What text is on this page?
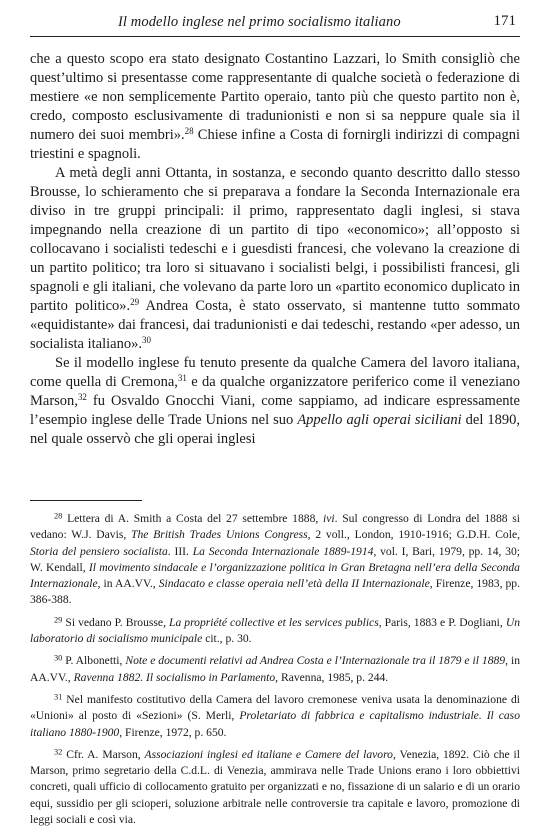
Il modello inglese nel primo socialismo italiano	171

che a questo scopo era stato designato Costantino Lazzari, lo Smith consigliò che quest’ultimo si presentasse come rappresentante di qualche società o federazione di mestiere «e non semplicemente Partito operaio, tanto più che questo partito non è, credo, composto esclusivamente di tradunionisti e non si sa neppure quale sia il numero dei suoi membri».$^{28}$ Chiese infine a Costa di fornirgli indirizzi di compagni triestini e spagnoli.

A metà degli anni Ottanta, in sostanza, e secondo quanto descritto dallo stesso Brousse, lo schieramento che si preparava a fondare la Seconda Internazionale era diviso in tre gruppi principali: il primo, rappresentato dagli inglesi, si stava impegnando nella creazione di un partito di tipo «economico»; all’opposto si collocavano i socialisti tedeschi e i guesdisti francesi, che volevano la creazione di un partito politico; tra loro si situavano i socialisti belgi, i possibilisti francesi, gli spagnoli e gli italiani, che volevano da parte loro un «partito economico duplicato in partito politico».$^{29}$ Andrea Costa, è stato osservato, si mantenne tutto sommato «equidistante» dai francesi, dai tradunionisti e dai tedeschi, restando «per adesso, un socialista italiano».$^{30}$

Se il modello inglese fu tenuto presente da qualche Camera del lavoro italiana, come quella di Cremona,$^{31}$ e da qualche organizzatore periferico come il veneziano Marson,$^{32}$ fu Osvaldo Gnocchi Viani, come sappiamo, ad indicare espressamente l’esempio inglese delle Trade Unions nel suo Appello agli operai siciliani del 1890, nel quale osservò che gli operai inglesi

$^{28}$ Lettera di A. Smith a Costa del 27 settembre 1888, ivi. Sul congresso di Londra del 1888 si vedano: W.J. Davis, The British Trades Unions Congress, 2 voll., London, 1910-1916; G.D.H. Cole, Storia del pensiero socialista. III. La Seconda Internazionale 1889-1914, vol. I, Bari, 1979, pp. 14, 30; W. Kendall, Il movimento sindacale e l’organizzazione politica in Gran Bretagna nell’era della Seconda Internazionale, in AA.VV., Sindacato e classe operaia nell’età della II Internazionale, Firenze, 1983, pp. 386-388.

$^{29}$ Si vedano P. Brousse, La propriété collective et les services publics, Paris, 1883 e P. Dogliani, Un laboratorio di socialismo municipale cit., p. 30.

$^{30}$ P. Albonetti, Note e documenti relativi ad Andrea Costa e l’Internazionale tra il 1879 e il 1889, in AA.VV., Ravenna 1882. Il socialismo in Parlamento, Ravenna, 1985, p. 244.

$^{31}$ Nel manifesto costitutivo della Camera del lavoro cremonese veniva usata la denominazione di «Unioni» al posto di «Sezioni» (S. Merli, Proletariato di fabbrica e capitalismo industriale. Il caso italiano 1880-1900, Firenze, 1972, p. 650.

$^{32}$ Cfr. A. Marson, Associazioni inglesi ed italiane e Camere del lavoro, Venezia, 1892. Ciò che il Marson, primo segretario della C.d.L. di Venezia, ammirava nelle Trade Unions erano i loro obbiettivi concreti, quali ufficio di collocamento gratuito per organizzati e no, fissazione di un salario e di un orario equi, sussidio per gli scioperi, soluzione arbitrale nelle controversie tra capitale e lavoro, promozione di leggi sociali e così via.
